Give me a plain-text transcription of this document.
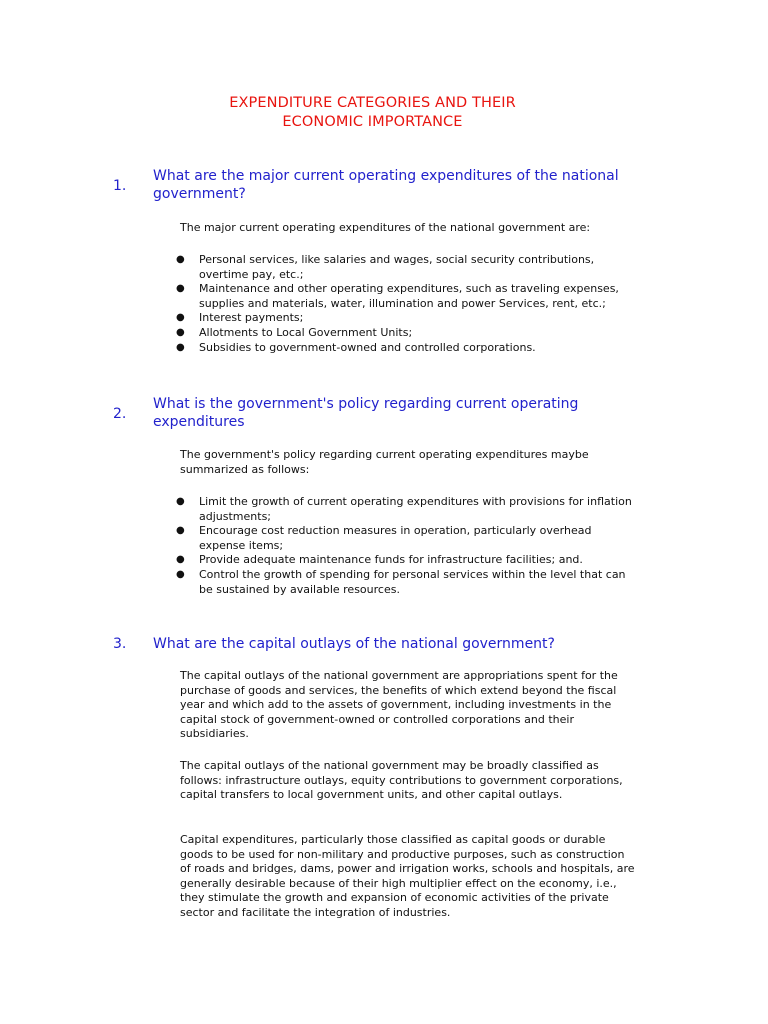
EXPENDITURE CATEGORIES AND THEIR
ECONOMIC IMPORTANCE
1.
What are the major current operating expenditures of the national government?

The major current operating expenditures of the national government are:

● Personal services, like salaries and wages, social security contributions, overtime pay, etc.;
● Maintenance and other operating expenditures, such as traveling expenses, supplies and materials, water, illumination and power Services, rent, etc.;
● Interest payments;
● Allotments to Local Government Units;
● Subsidies to government-owned and controlled corporations.
2.
What is the government's policy regarding current operating expenditures

The government's policy regarding current operating expenditures maybe summarized as follows:

● Limit the growth of current operating expenditures with provisions for inflation adjustments;
● Encourage cost reduction measures in operation, particularly overhead expense items;
● Provide adequate maintenance funds for infrastructure facilities; and.
● Control the growth of spending for personal services within the level that can be sustained by available resources.
3. What are the capital outlays of the national government?

The capital outlays of the national government are appropriations spent for the purchase of goods and services, the benefits of which extend beyond the fiscal year and which add to the assets of government, including investments in the capital stock of government-owned or controlled corporations and their subsidiaries.

The capital outlays of the national government may be broadly classified as follows: infrastructure outlays, equity contributions to government corporations, capital transfers to local government units, and other capital outlays.

Capital expenditures, particularly those classified as capital goods or durable goods to be used for non-military and productive purposes, such as construction of roads and bridges, dams, power and irrigation works, schools and hospitals, are generally desirable because of their high multiplier effect on the economy, i.e., they stimulate the growth and expansion of economic activities of the private sector and facilitate the integration of industries.
